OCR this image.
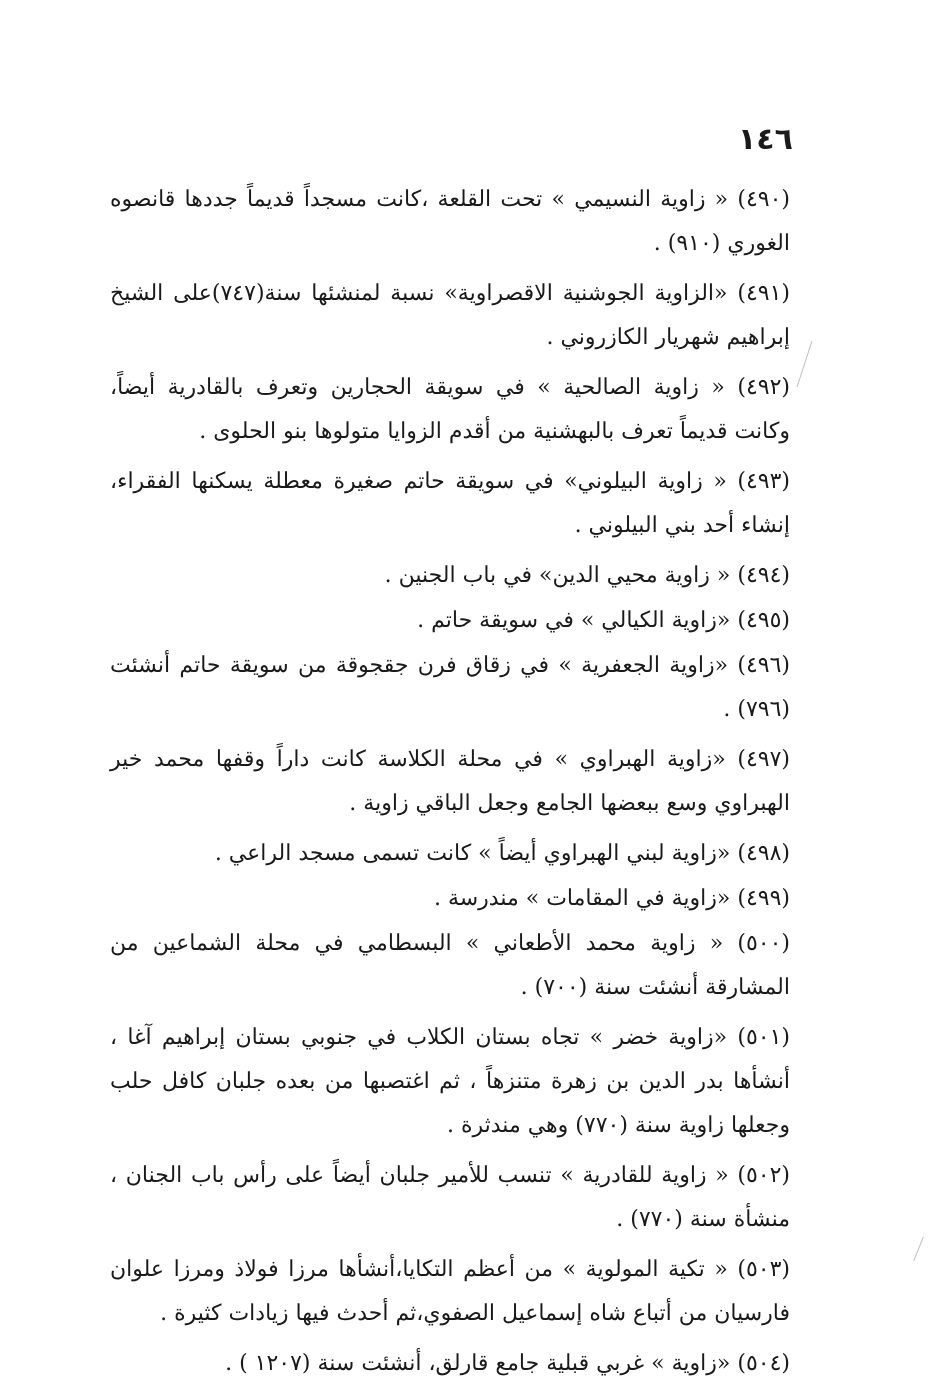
١٤٦

(٤٩٠) « زاوية النسيمي » تحت القلعة ،كانت مسجداً قديماً جددها قانصوه الغوري (٩١٠) .

(٤٩١) «الزاوية الجوشنية الاقصراوية» نسبة لمنشئها سنة(٧٤٧)على الشيخ إبراهيم شهريار الكازروني .

(٤٩٢) « زاوية الصالحية » في سويقة الحجارين وتعرف بالقادرية أيضاً، وكانت قديماً تعرف بالبهشنية من أقدم الزوايا متولوها بنو الحلوى .

(٤٩٣) « زاوية البيلوني» في سويقة حاتم صغيرة معطلة يسكنها الفقراء، إنشاء أحد بني البيلوني .

(٤٩٤) « زاوية محيي الدين» في باب الجنين .

(٤٩٥) «زاوية الكيالي » في سويقة حاتم .

(٤٩٦) «زاوية الجعفرية » في زقاق فرن جقجوقة من سويقة حاتم أنشئت (٧٩٦) .

(٤٩٧) «زاوية الهبراوي » في محلة الكلاسة كانت داراً وقفها محمد خير الهبراوي وسع ببعضها الجامع وجعل الباقي زاوية .

(٤٩٨) «زاوية لبني الهبراوي أيضاً » كانت تسمى مسجد الراعي .

(٤٩٩) «زاوية في المقامات » مندرسة .

(٥٠٠) « زاوية محمد الأطعاني » البسطامي في محلة الشماعين من المشارقة أنشئت سنة (٧٠٠) .

(٥٠١) «زاوية خضر » تجاه بستان الكلاب في جنوبي بستان إبراهيم آغا ، أنشأها بدر الدين بن زهرة متنزهاً ، ثم اغتصبها من بعده جلبان كافل حلب وجعلها زاوية سنة (٧٧٠) وهي مندثرة .

(٥٠٢) « زاوية للقادرية » تنسب للأمير جلبان أيضاً على رأس باب الجنان ، منشأة سنة (٧٧٠) .

(٥٠٣) « تكية المولوية » من أعظم التكايا،أنشأها مرزا فولاذ ومرزا علوان فارسيان من أتباع شاه إسماعيل الصفوي،ثم أحدث فيها زيادات كثيرة .

(٥٠٤) «زاوية » غربي قبلية جامع قارلق، أنشئت سنة (١٢٠٧ ) .
